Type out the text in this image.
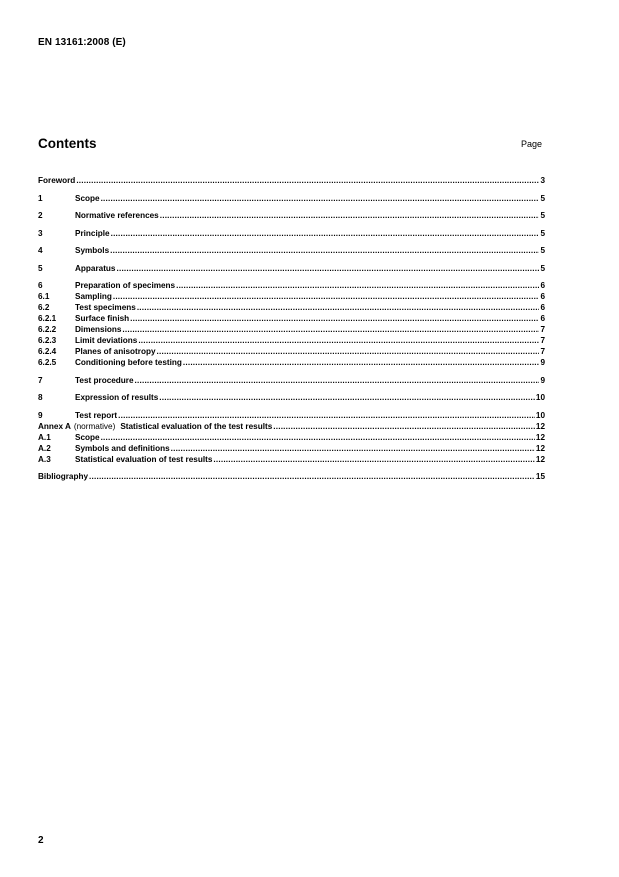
EN 13161:2008 (E)
Contents	Page
Foreword .....	3
1	Scope .....	5
2	Normative references .....	5
3	Principle .....	5
4	Symbols .....	5
5	Apparatus .....	5
6	Preparation of specimens .....	6
6.1	Sampling .....	6
6.2	Test specimens .....	6
6.2.1	Surface finish .....	6
6.2.2	Dimensions .....	7
6.2.3	Limit deviations .....	7
6.2.4	Planes of anisotropy .....	7
6.2.5	Conditioning before testing .....	9
7	Test procedure .....	9
8	Expression of results .....	10
9	Test report .....	10
Annex A (normative) Statistical evaluation of the test results .....	12
A.1	Scope .....	12
A.2	Symbols and definitions .....	12
A.3	Statistical evaluation of test results .....	12
Bibliography .....	15
2
